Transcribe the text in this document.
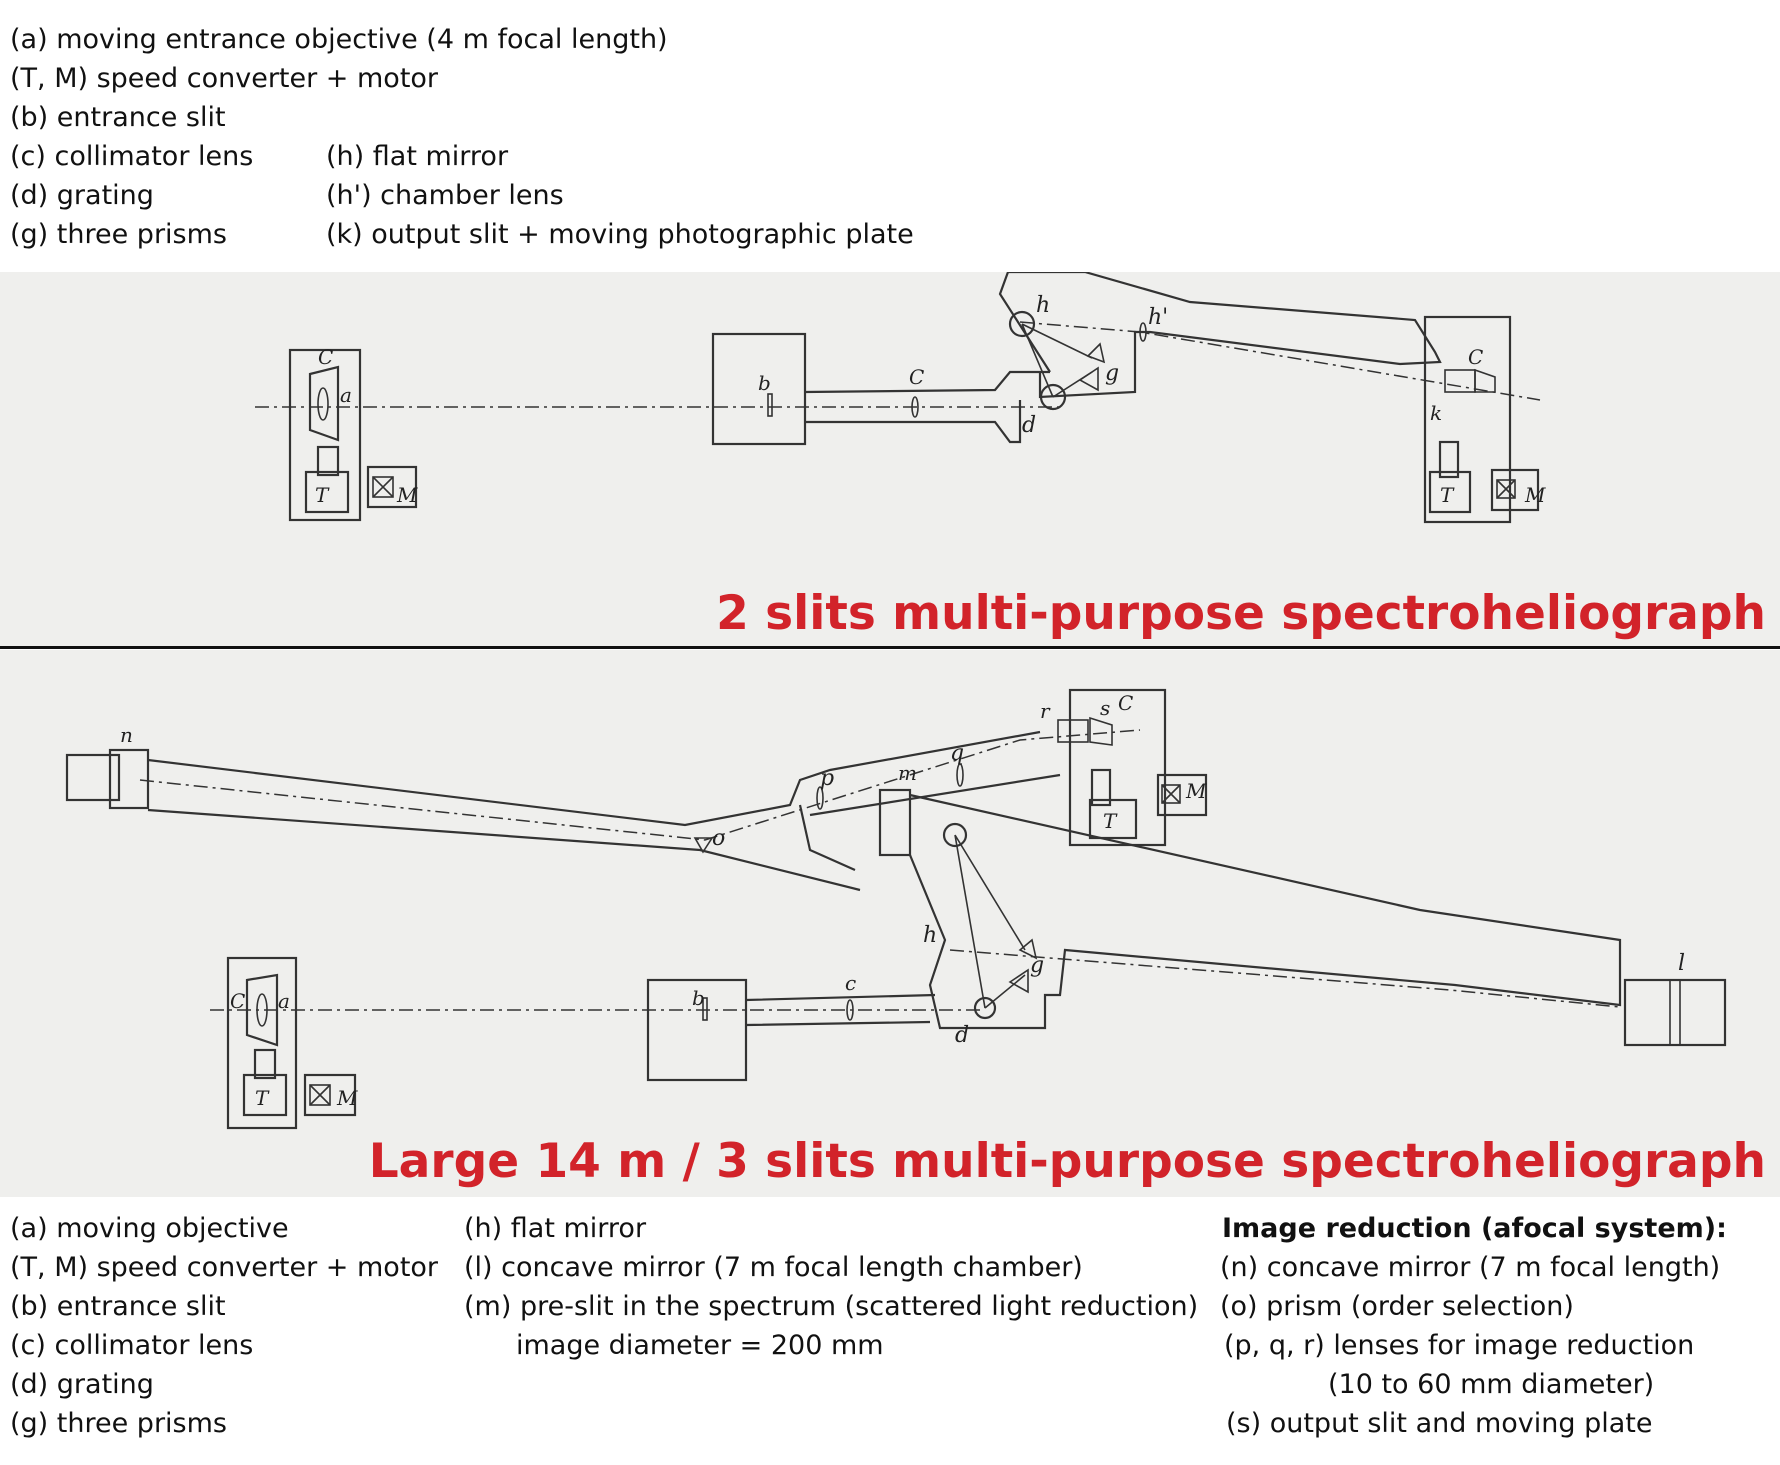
(a) moving entrance objective (4 m focal length)
(T, M) speed converter + motor
(b) entrance slit
(c) collimator lens	(h) flat mirror
(d) grating	(h') chamber lens
(g) three prisms	(k) output slit + moving photographic plate
C
a
T	M
b	C
h	h'
g
d
C
k
T	M
2 slits multi-purpose spectroheliograph
n
p
q
r	s C
o
m
h
g	l
C a	b
c
d
T	M
T
M
Large 14 m / 3 slits multi-purpose spectroheliograph
(a) moving objective
(T, M) speed converter + motor
(b) entrance slit
(c) collimator lens
(d) grating
(g) three prisms
(h) flat mirror
(l) concave mirror (7 m focal length chamber)
(m) pre-slit in the spectrum (scattered light reduction)
image diameter = 200 mm
Image reduction (afocal system):
(n) concave mirror (7 m focal length)
(o) prism (order selection)
(p, q, r) lenses for image reduction
(10 to 60 mm diameter)
(s) output slit and moving plate
